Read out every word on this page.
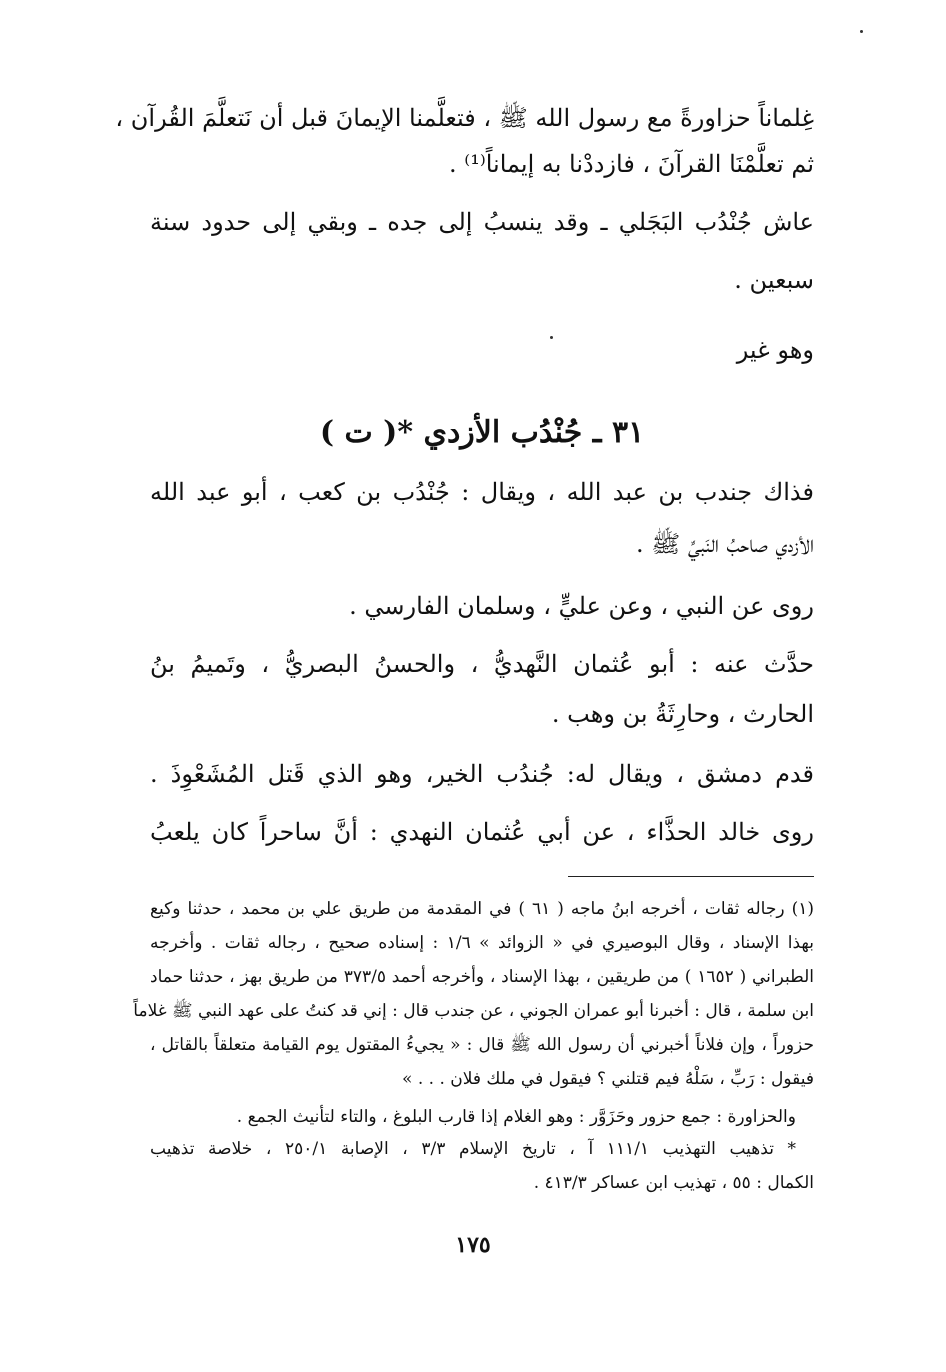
غِلماناً حزاورةً مع رسول الله ﷺ ، فتعلَّمنا الإيمانَ قبل أن نَتعلَّمَ القُرآن ،
ثم تعلَّمْنَا القرآنَ ، فازددْنا به إيماناً⁽¹⁾ .
عاش جُنْدُب البَجَلي ـ وقد ينسبُ إلى جده ـ وبقي إلى حدود سنة
سبعين .
وهو غير
٣١ ـ جُنْدُب الأزدي *( ت )
فذاك جندب بن عبد الله ، ويقال : جُنْدُب بن كعب ، أبو عبد الله
الأزدي صاحبُ النَبيِّ ﷺ .
روى عن النبي ، وعن عليٍّ ، وسلمان الفارسي .
حدَّث عنه : أبو عُثمان النَّهديُّ ، والحسنُ البصريُّ ، وتَميمُ بنُ
الحارث ، وحارِثَةُ بن وهب .
قدم دمشق ، ويقال له: جُندُب الخير، وهو الذي قَتل المُشَعْوِذَ .
روى خالد الحذَّاء ، عن أبي عُثمان النهدي : أنَّ ساحراً كان يلعبُ
(١) رجاله ثقات ، أخرجه ابنُ ماجه ( ٦١ ) في المقدمة من طريق علي بن محمد ، حدثنا وكيع
بهذا الإسناد ، وقال البوصيري في « الزوائد » ١/٦ : إسناده صحيح ، رجاله ثقات . وأخرجه
الطبراني ( ١٦٥٢ ) من طريقين ، بهذا الإسناد ، وأخرجه أحمد ٣٧٣/٥ من طريق بهز ، حدثنا حماد
ابن سلمة ، قال : أخبرنا أبو عمران الجوني ، عن جندب قال : إني قد كنتُ على عهد النبي ﷺ غلاماً
حزوراً ، وإن فلاناً أخبرني أن رسول الله ﷺ قال : « يجيءُ المقتول يوم القيامة متعلقاً بالقاتل ،
فيقول : رَبِّ ، سَلْهُ فيم قتلني ؟ فيقول في ملك فلان . . . »
والحزاورة : جمع حزور وحَزَوَّر : وهو الغلام إذا قارب البلوغ ، والتاء لتأنيث الجمع .
* تذهيب التهذيب ١١١/١ آ ، تاريخ الإسلام ٣/٣ ، الإصابة ٢٥٠/١ ، خلاصة تذهيب
الكمال : ٥٥ ، تهذيب ابن عساكر ٤١٣/٣ .
١٧٥
